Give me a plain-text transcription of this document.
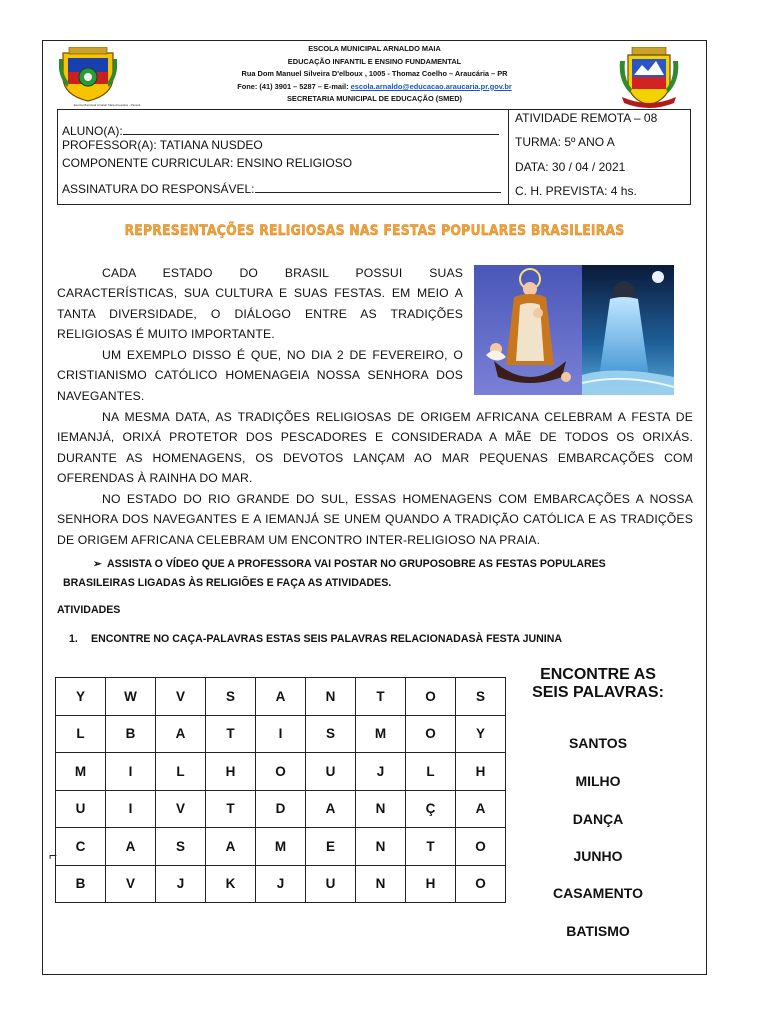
Escola Municipal Arnaldo Maia Araucária - Paraná
ESCOLA MUNICIPAL ARNALDO MAIA
EDUCAÇÃO INFANTIL E ENSINO FUNDAMENTAL
Rua Dom Manuel Silveira D'elboux , 1005 - Thomaz Coelho – Araucária – PR
Fone: (41) 3901 – 5287 – E-mail: escola.arnaldo@educacao.araucaria.pr.gov.br
SECRETARIA MUNICIPAL DE EDUCAÇÃO (SMED)
ALUNO(A):
PROFESSOR(A): TATIANA NUSDEO
COMPONENTE CURRICULAR: ENSINO RELIGIOSO
ASSINATURA DO RESPONSÁVEL:
ATIVIDADE REMOTA – 08
TURMA: 5º ANO A
DATA: 30 / 04 / 2021
C. H. PREVISTA: 4 hs.
REPRESENTAÇÕES RELIGIOSAS NAS FESTAS POPULARES BRASILEIRAS
CADA ESTADO DO BRASIL POSSUI SUAS CARACTERÍSTICAS, SUA CULTURA E SUAS FESTAS. EM MEIO A TANTA DIVERSIDADE, O DIÁLOGO ENTRE AS TRADIÇÕES RELIGIOSAS É MUITO IMPORTANTE.
UM EXEMPLO DISSO É QUE, NO DIA 2 DE FEVEREIRO, O CRISTIANISMO CATÓLICO HOMENAGEIA NOSSA SENHORA DOS NAVEGANTES.
NA MESMA DATA, AS TRADIÇÕES RELIGIOSAS DE ORIGEM AFRICANA CELEBRAM A FESTA DE IEMANJÁ, ORIXÁ PROTETOR DOS PESCADORES E CONSIDERADA A MÃE DE TODOS OS ORIXÁS. DURANTE AS HOMENAGENS, OS DEVOTOS LANÇAM AO MAR PEQUENAS EMBARCAÇÕES COM OFERENDAS À RAINHA DO MAR.
NO ESTADO DO RIO GRANDE DO SUL, ESSAS HOMENAGENS COM EMBARCAÇÕES A NOSSA SENHORA DOS NAVEGANTES E A IEMANJÁ SE UNEM QUANDO A TRADIÇÃO CATÓLICA E AS TRADIÇÕES DE ORIGEM AFRICANA CELEBRAM UM ENCONTRO INTER-RELIGIOSO NA PRAIA.
➢ ASSISTA O VÍDEO QUE A PROFESSORA VAI POSTAR NO GRUPOSOBRE AS FESTAS POPULARES BRASILEIRAS LIGADAS ÀS RELIGIÕES E FAÇA AS ATIVIDADES.
ATIVIDADES
1. ENCONTRE NO CAÇA-PALAVRAS ESTAS SEIS PALAVRAS RELACIONADASÀ FESTA JUNINA
Y	W	V	S	A	N	T	O	S
L	B	A	T	I	S	M	O	Y
M	I	L	H	O	U	J	L	H
U	I	V	T	D	A	N	Ç	A
C	A	S	A	M	E	N	T	O
B	V	J	K	J	U	N	H	O
ENCONTRE AS
SEIS PALAVRAS:
SANTOS
MILHO
DANÇA
JUNHO
CASAMENTO
BATISMO
⌐
